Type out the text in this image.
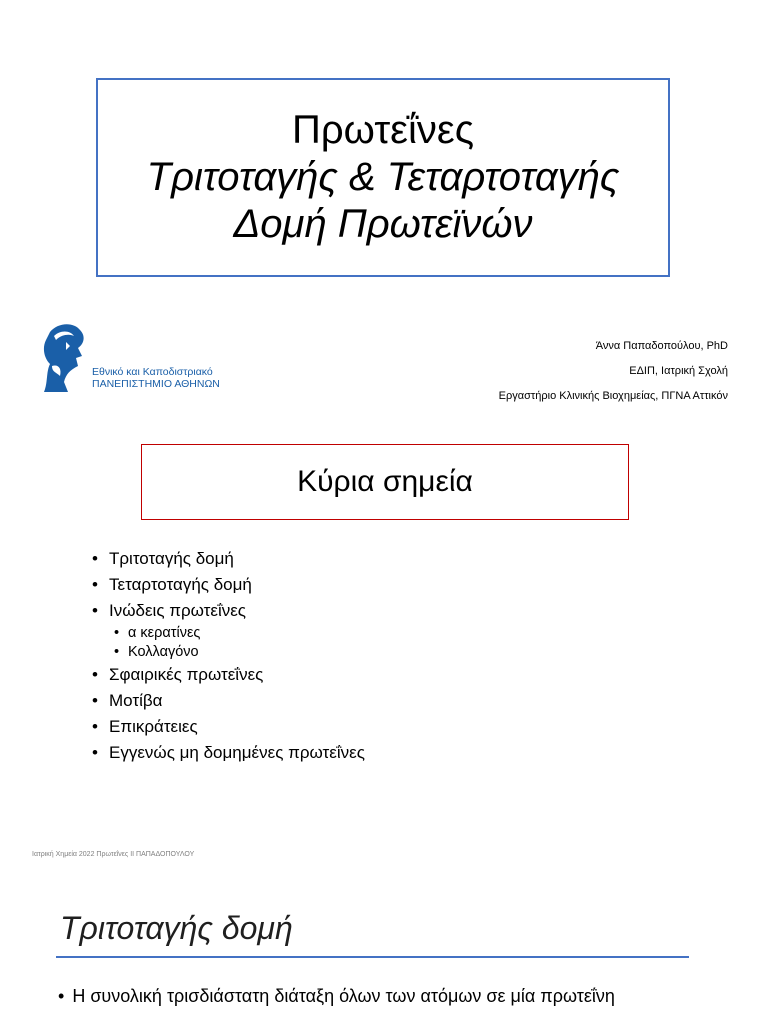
Πρωτεΐνες
Τριτοταγής & Τεταρτοταγής
Δομή Πρωτεϊνών
Εθνικό και Καποδιστριακό
ΠΑΝΕΠΙΣΤΗΜΙΟ ΑΘΗΝΩΝ
Άννα Παπαδοπούλου, PhD
ΕΔΙΠ, Ιατρική Σχολή
Εργαστήριο Κλινικής Βιοχημείας, ΠΓΝΑ Αττικόν
Κύρια σημεία
• Τριτοταγής δομή
• Τεταρτοταγής δομή
• Ινώδεις πρωτεΐνες
• α κερατίνες
• Κολλαγόνο
• Σφαιρικές πρωτεΐνες
• Μοτίβα
• Επικράτειες
• Εγγενώς μη δομημένες πρωτεΐνες
Ιατρική Χημεία 2022 Πρωτεΐνες ΙΙ ΠΑΠΑΔΟΠΟΥΛΟΥ
Τριτοταγής δομή
• Η συνολική τρισδιάστατη διάταξη όλων των ατόμων σε μία πρωτεΐνη
